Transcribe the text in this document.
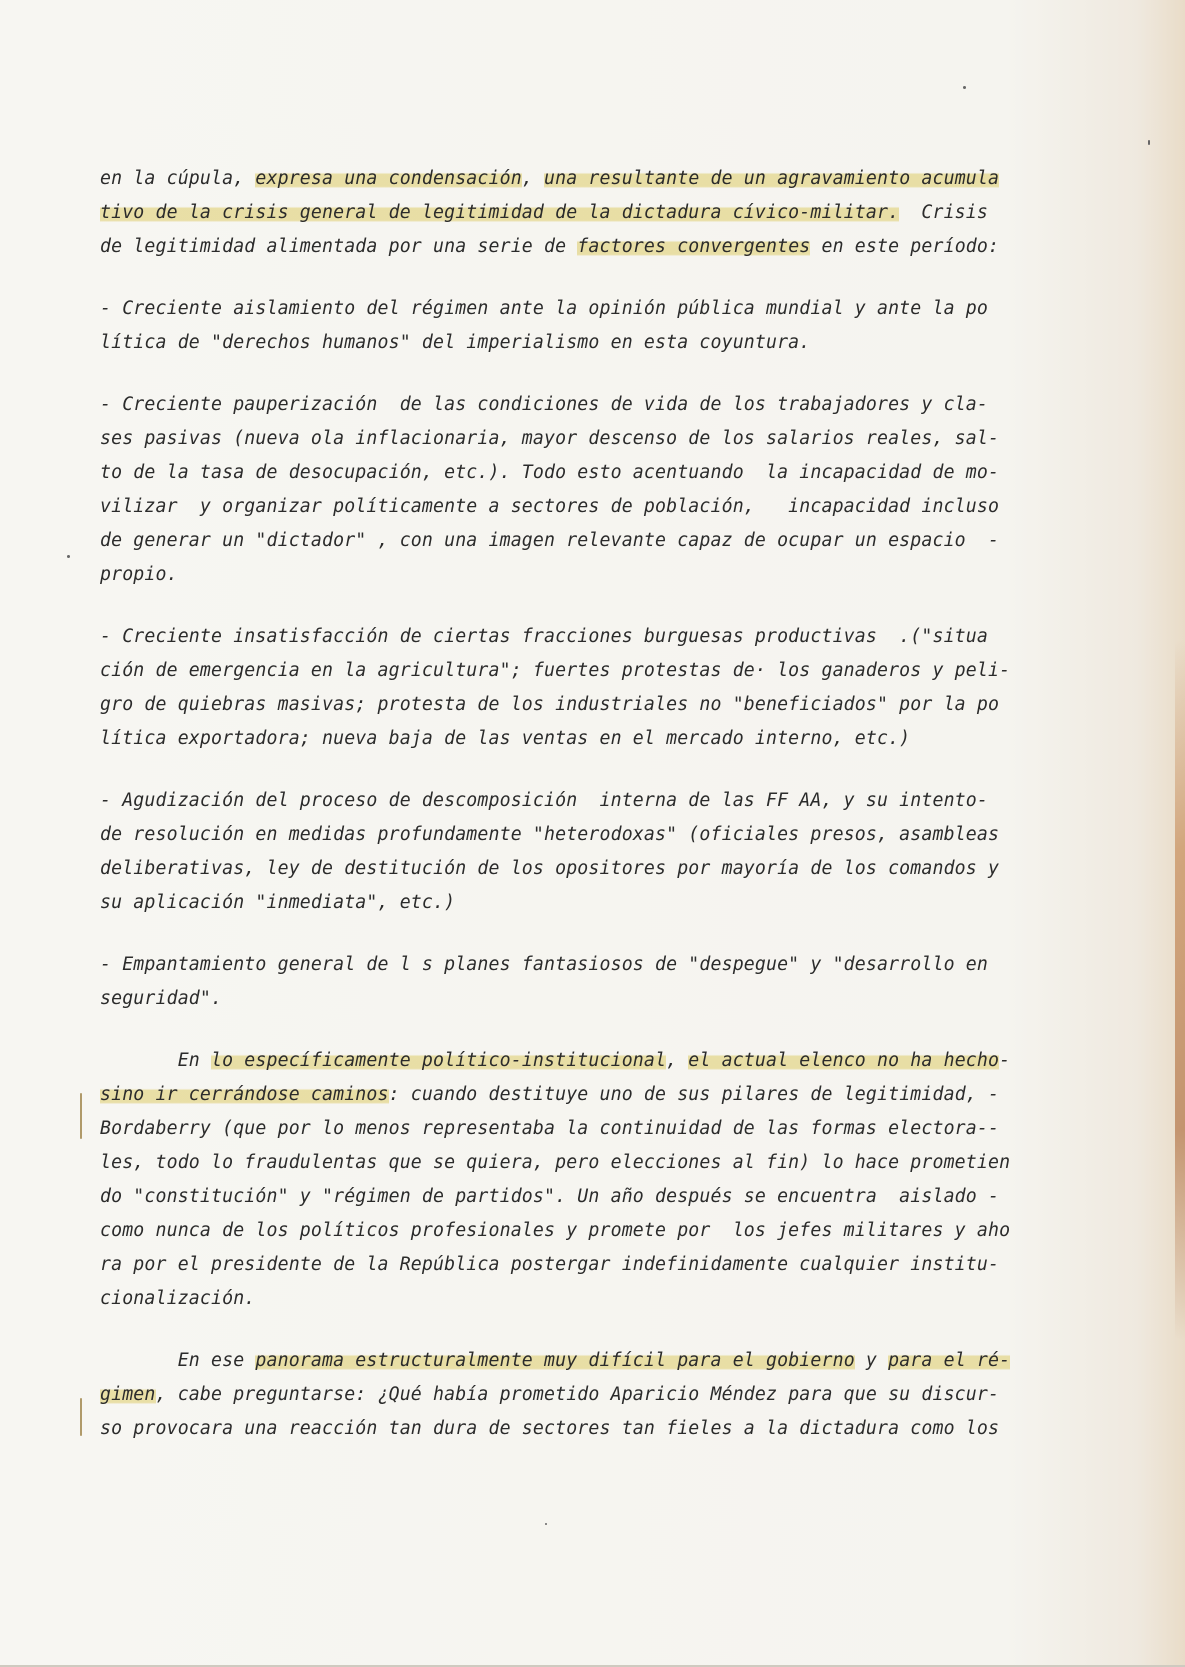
en la cúpula, expresa una condensación, una resultante de un agravamiento acumula
tivo de la crisis general de legitimidad de la dictadura cívico-militar.  Crisis
de legitimidad alimentada por una serie de factores convergentes en este período:
- Creciente aislamiento del régimen ante la opinión pública mundial y ante la po
lítica de "derechos humanos" del imperialismo en esta coyuntura.
- Creciente pauperización  de las condiciones de vida de los trabajadores y cla-
ses pasivas (nueva ola inflacionaria, mayor descenso de los salarios reales, sal-
to de la tasa de desocupación, etc.). Todo esto acentuando  la incapacidad de mo-
vilizar  y organizar políticamente a sectores de población,   incapacidad incluso
de generar un "dictador" , con una imagen relevante capaz de ocupar un espacio  -
propio.
- Creciente insatisfacción de ciertas fracciones burguesas productivas  .("situa
ción de emergencia en la agricultura"; fuertes protestas de· los ganaderos y peli-
gro de quiebras masivas; protesta de los industriales no "beneficiados" por la po
lítica exportadora; nueva baja de las ventas en el mercado interno, etc.)
- Agudización del proceso de descomposición  interna de las FF AA, y su intento-
de resolución en medidas profundamente "heterodoxas" (oficiales presos, asambleas
deliberativas, ley de destitución de los opositores por mayoría de los comandos y
su aplicación "inmediata", etc.)
- Empantamiento general de l s planes fantasiosos de "despegue" y "desarrollo en
seguridad".
En lo específicamente político-institucional, el actual elenco no ha hecho-
sino ir cerrándose caminos: cuando destituye uno de sus pilares de legitimidad, -
Bordaberry (que por lo menos representaba la continuidad de las formas electora--
les, todo lo fraudulentas que se quiera, pero elecciones al fin) lo hace prometien
do "constitución" y "régimen de partidos". Un año después se encuentra  aislado -
como nunca de los políticos profesionales y promete por  los jefes militares y aho
ra por el presidente de la República postergar indefinidamente cualquier institu-
cionalización.
En ese panorama estructuralmente muy difícil para el gobierno y para el ré-
gimen, cabe preguntarse: ¿Qué había prometido Aparicio Méndez para que su discur-
so provocara una reacción tan dura de sectores tan fieles a la dictadura como los
